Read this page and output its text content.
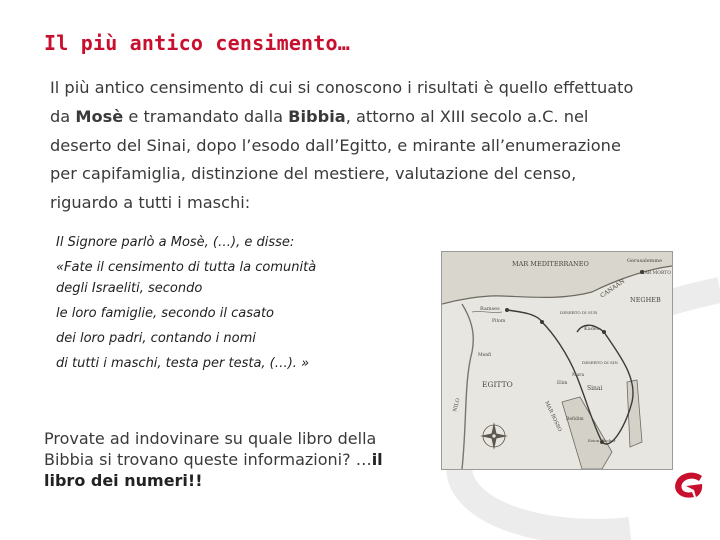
Il più antico censimento…

Il più antico censimento di cui si conoscono i risultati è quello effettuato da Mosè e tramandato dalla Bibbia, attorno al XIII secolo a.C. nel deserto del Sinai, dopo l’esodo dall’Egitto, e mirante all’enumerazione per capifamiglia, distinzione del mestiere, valutazione del censo, riguardo a tutti i maschi:

Il Signore parlò a Mosè, (…), e disse:
«Fate il censimento di tutta la comunità
degli Israeliti, secondo
le loro famiglie, secondo il casato
dei loro padri, contando i nomi
di tutti i maschi, testa per testa, (…). »
MAR MEDITERRANEO	Gerusalemme
MAR MORTO
CANAAN
NEGHEB
Ramses
Pitom
Kades
DESERTO DI SUR
EGITTO	Sinai
DESERTO DI SIN
MAR ROSSO
NILO
Refidim
Elim
Mara
Menfi
Ezion Gheber
Provate ad indovinare su quale libro della Bibbia si trovano queste informazioni? …il libro dei numeri!!
